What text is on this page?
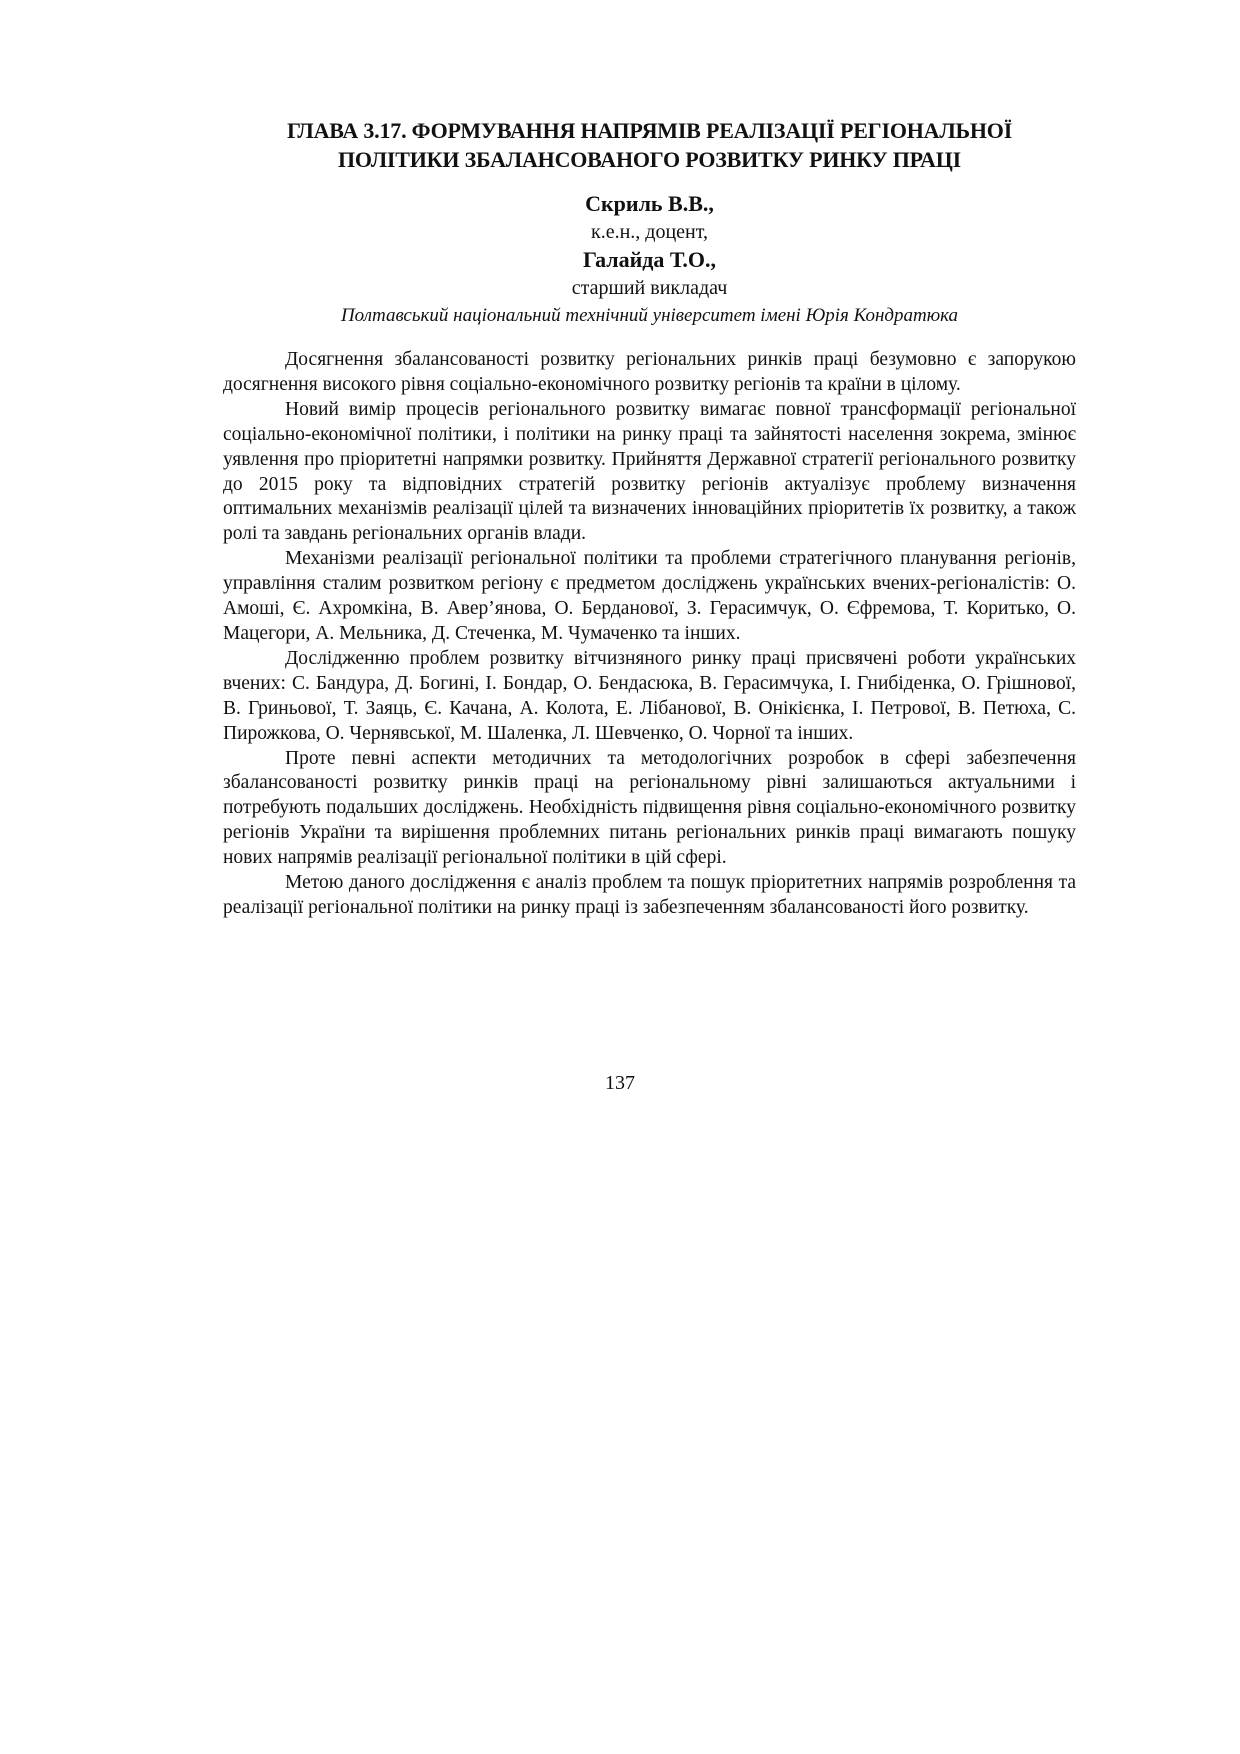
ГЛАВА 3.17. ФОРМУВАННЯ НАПРЯМІВ РЕАЛІЗАЦІЇ РЕГІОНАЛЬНОЇ
ПОЛІТИКИ ЗБАЛАНСОВАНОГО РОЗВИТКУ РИНКУ ПРАЦІ
Скриль В.В.,
к.е.н., доцент,
Галайда Т.О.,
старший викладач
Полтавський національний технічний університет імені Юрія Кондратюка

Досягнення збалансованості розвитку регіональних ринків праці безумовно є запорукою досягнення високого рівня соціально-економічного розвитку регіонів та країни в цілому.

Новий вимір процесів регіонального розвитку вимагає повної трансформації регіональної соціально-економічної політики, і політики на ринку праці та зайнятості населення зокрема, змінює уявлення про пріоритетні напрямки розвитку. Прийняття Державної стратегії регіонального розвитку до 2015 року та відповідних стратегій розвитку регіонів актуалізує проблему визначення оптимальних механізмів реалізації цілей та визначених інноваційних пріоритетів їх розвитку, а також ролі та завдань регіональних органів влади.

Механізми реалізації регіональної політики та проблеми стратегічного планування регіонів, управління сталим розвитком регіону є предметом досліджень українських вчених-регіоналістів: О. Амоші, Є. Ахромкіна, В. Авер’янова, О. Берданової, З. Герасимчук, О. Єфремова, Т. Коритько, О. Мацегори, А. Мельника, Д. Стеченка, М. Чумаченко та інших.

Дослідженню проблем розвитку вітчизняного ринку праці присвячені роботи українських вчених: С. Бандура, Д. Богині, І. Бондар, О. Бендасюка, В. Герасимчука, І. Гнибіденка, О. Грішнової, В. Гриньової, Т. Заяць, Є. Качана, А. Колота, Е. Лібанової, В. Онікієнка, І. Петрової, В. Петюха, С. Пирожкова, О. Чернявської, М. Шаленка, Л. Шевченко, О. Чорної та інших.

Проте певні аспекти методичних та методологічних розробок в сфері забезпечення збалансованості розвитку ринків праці на регіональному рівні залишаються актуальними і потребують подальших досліджень. Необхідність підвищення рівня соціально-економічного розвитку регіонів України та вирішення проблемних питань регіональних ринків праці вимагають пошуку нових напрямів реалізації регіональної політики в цій сфері.

Метою даного дослідження є аналіз проблем та пошук пріоритетних напрямів розроблення та реалізації регіональної політики на ринку праці із забезпеченням збалансованості його розвитку.

137
